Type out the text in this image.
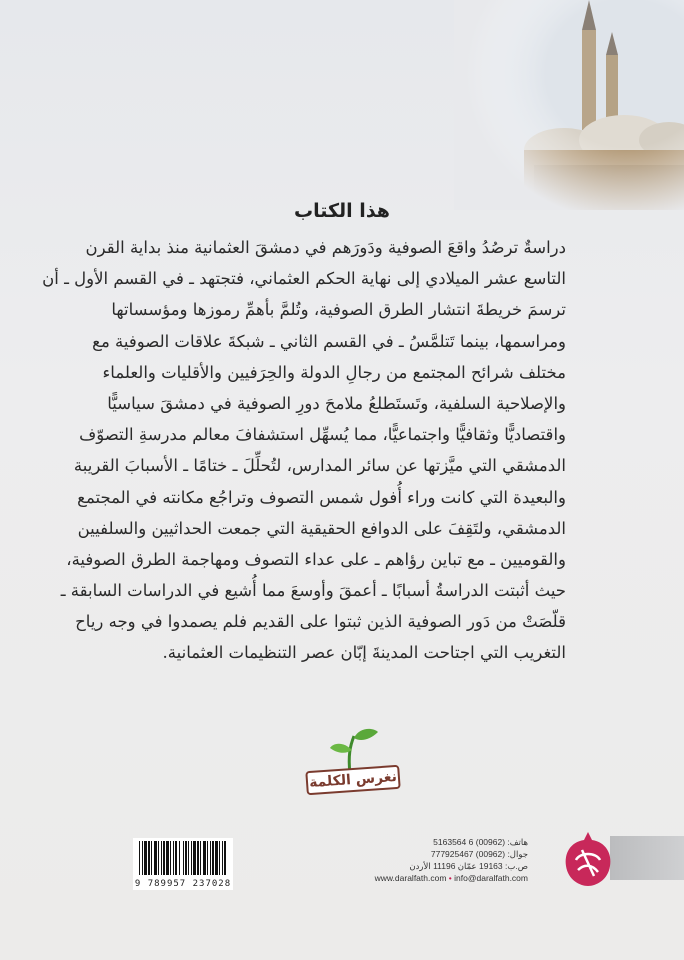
هذا الكتاب
دراسةٌ ترصُدُ واقعَ الصوفية ودَورَهم في دمشقَ العثمانية منذ بداية القرن
التاسع عشر الميلادي إلى نهاية الحكم العثماني، فتجتهد ـ في القسم الأول ـ أن
ترسمَ خريطةَ انتشار الطرق الصوفية، وتُلمَّ بأهمِّ رموزها ومؤسساتها
ومراسمها، بينما تَتلمَّسُ ـ في القسم الثاني ـ شبكةَ علاقات الصوفية مع
مختلف شرائح المجتمع من رجالِ الدولة والحِرَفيين والأقليات والعلماء
والإصلاحية السلفية، وتَستَطلعُ ملامحَ دورِ الصوفية في دمشقَ سياسيًّا
واقتصاديًّا وثقافيًّا واجتماعيًّا، مما يُسهِّل استشفافَ معالم مدرسةِ التصوّف
الدمشقي التي ميَّزتها عن سائر المدارس، لتُحلِّلَ ـ ختامًا ـ الأسبابَ القريبة
والبعيدة التي كانت وراء أُفول شمس التصوف وتراجُع مكانته في المجتمع
الدمشقي، ولتَقِفَ على الدوافع الحقيقية التي جمعت الحداثيين والسلفيين
والقوميين ـ مع تباين رؤاهم ـ على عداء التصوف ومهاجمة الطرق الصوفية،
حيث أثبتت الدراسةُ أسبابًا ـ أعمقَ وأوسعَ مما أُشيع في الدراسات السابقة ـ
قلّصَتْ من دَور الصوفية الذين ثبتوا على القديم فلم يصمدوا في وجه رياح
التغريب التي اجتاحت المدينةَ إبّان عصر التنظيمات العثمانية.
نغرس الكلمة
9 789957 237028
هاتف: (00962) 6 5163564
جوال: (00962) 777925467
ص.ب: 19163 عمّان 11196 الأردن
www.daralfath.com • info@daralfath.com
